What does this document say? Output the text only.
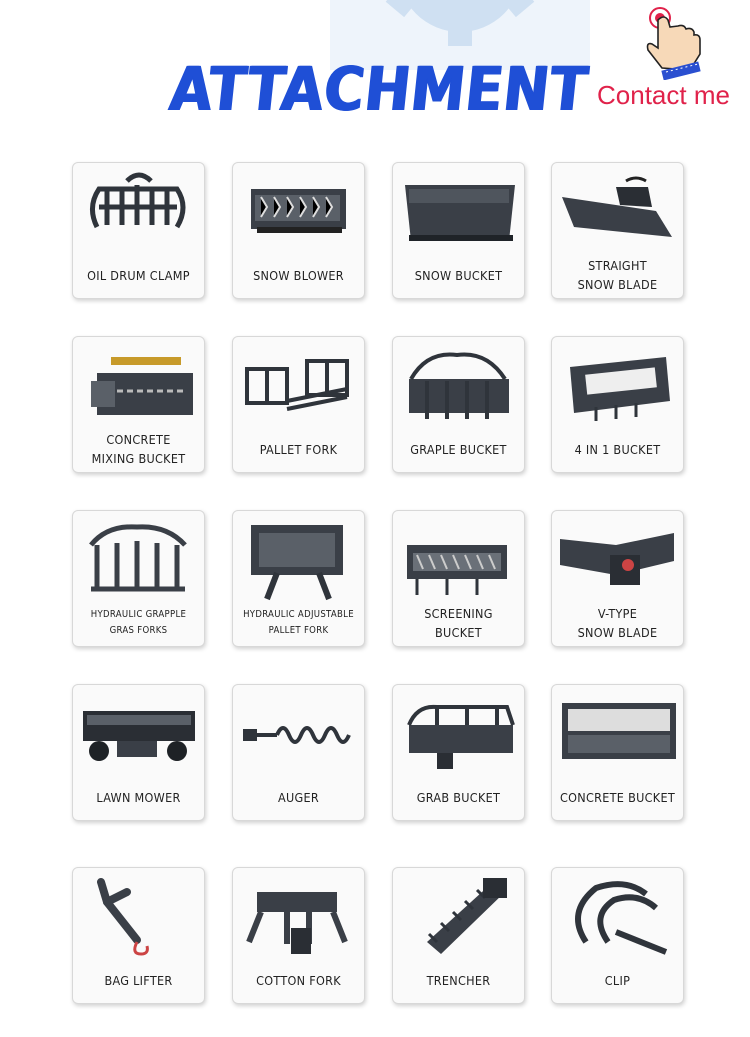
ATTACHMENT Contact me
OIL DRUM CLAMP	SNOW BLOWER	SNOW BUCKET
STRAIGHT
SNOW BLADE
CONCRETE
MIXING BUCKET
PALLET FORK	GRAPLE BUCKET	4 IN 1 BUCKET
HYDRAULIC GRAPPLE
GRAS FORKS
HYDRAULIC ADJUSTABLE
PALLET FORK
SCREENING
BUCKET
V-TYPE
SNOW BLADE
LAWN MOWER	AUGER	GRAB BUCKET	CONCRETE BUCKET
BAG LIFTER	COTTON FORK	TRENCHER	CLIP
